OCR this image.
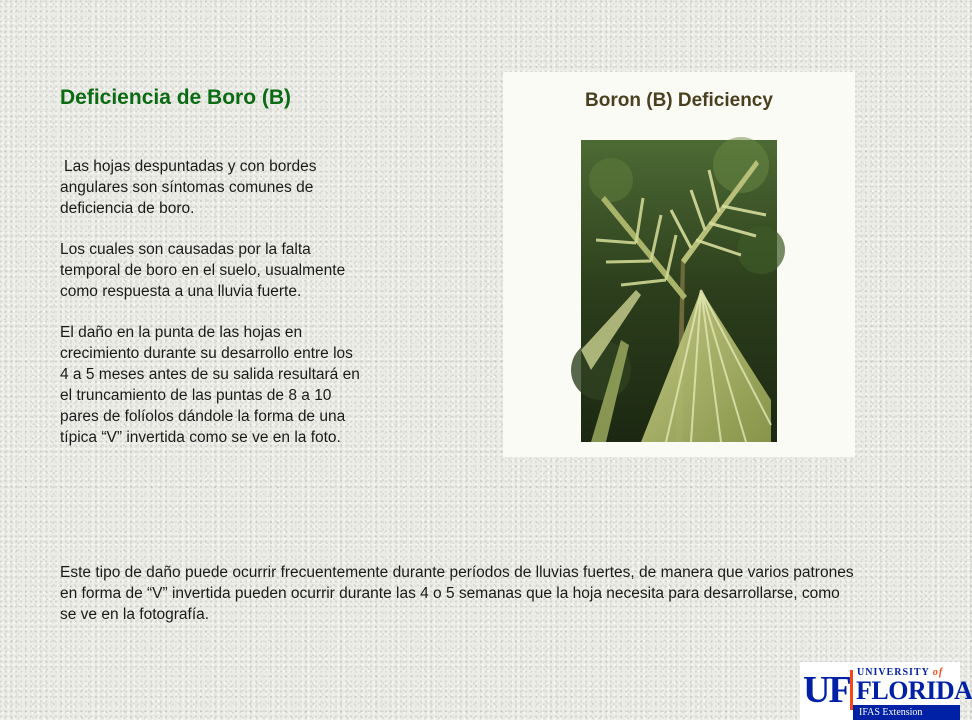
Deficiencia de Boro (B)

Las hojas despuntadas y con bordes angulares son síntomas comunes de deficiencia de boro.

Los cuales son causadas por la falta temporal de boro en el suelo, usualmente como respuesta a una lluvia fuerte.

El daño en la punta de las hojas en crecimiento durante su desarrollo entre los 4 a 5 meses antes de su salida resultará en el truncamiento de las puntas de 8 a 10 pares de folíolos dándole la forma de una típica “V” invertida como se ve en la foto.

Este tipo de daño puede ocurrir frecuentemente durante períodos de lluvias fuertes, de manera que varios patrones en forma de “V” invertida pueden ocurrir durante las 4 o 5 semanas que la hoja necesita para desarrollarse, como se ve en la fotografía.

Boron (B) Deficiency
UF UNIVERSITY of
FLORIDA
IFAS Extension
